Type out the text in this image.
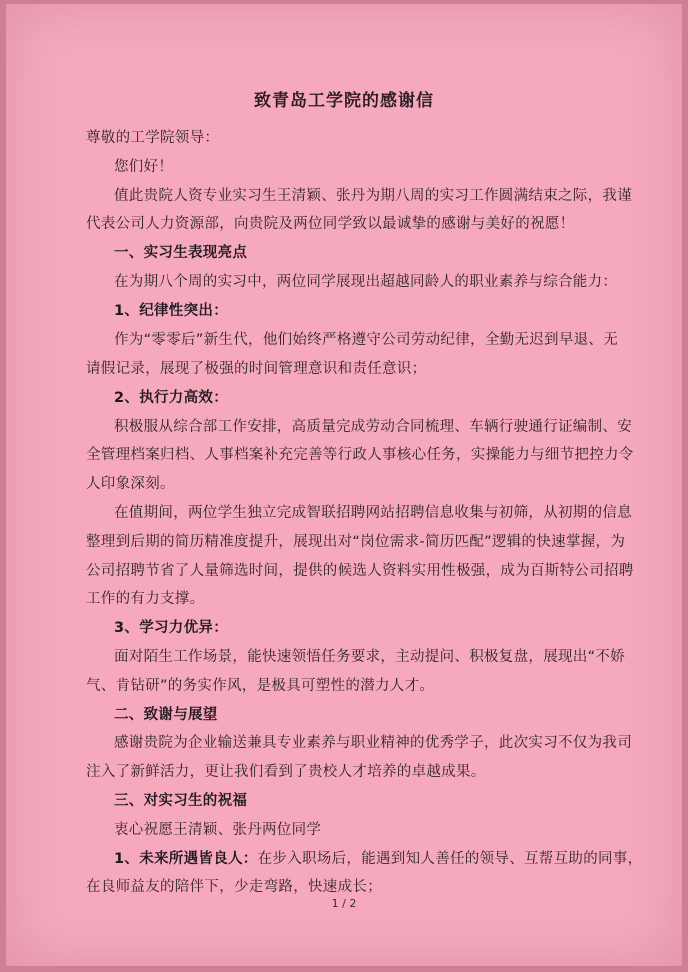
致青岛工学院的感谢信
尊敬的工学院领导：
您们好！
值此贵院人资专业实习生王清颖、张丹为期八周的实习工作圆满结束之际，我谨
代表公司人力资源部，向贵院及两位同学致以最诚挚的感谢与美好的祝愿！
一、实习生表现亮点
在为期八个周的实习中，两位同学展现出超越同龄人的职业素养与综合能力：
1、纪律性突出：
作为“零零后”新生代，他们始终严格遵守公司劳动纪律，全勤无迟到早退、无
请假记录，展现了极强的时间管理意识和责任意识；
2、执行力高效：
积极服从综合部工作安排，高质量完成劳动合同梳理、车辆行驶通行证编制、安
全管理档案归档、人事档案补充完善等行政人事核心任务，实操能力与细节把控力令
人印象深刻。
在值期间，两位学生独立完成智联招聘网站招聘信息收集与初筛，从初期的信息
整理到后期的简历精准度提升，展现出对“岗位需求-简历匹配”逻辑的快速掌握，为
公司招聘节省了人量筛选时间，提供的候选人资料实用性极强，成为百斯特公司招聘
工作的有力支撑。
3、学习力优异：
面对陌生工作场景，能快速领悟任务要求，主动提问、积极复盘，展现出“不娇
气、肯钻研”的务实作风，是极具可塑性的潜力人才。
二、致谢与展望
感谢贵院为企业输送兼具专业素养与职业精神的优秀学子，此次实习不仅为我司
注入了新鲜活力，更让我们看到了贵校人才培养的卓越成果。
三、对实习生的祝福
衷心祝愿王清颖、张丹两位同学
1、未来所遇皆良人：在步入职场后，能遇到知人善任的领导、互帮互助的同事，
在良师益友的陪伴下，少走弯路，快速成长；
1 / 2
